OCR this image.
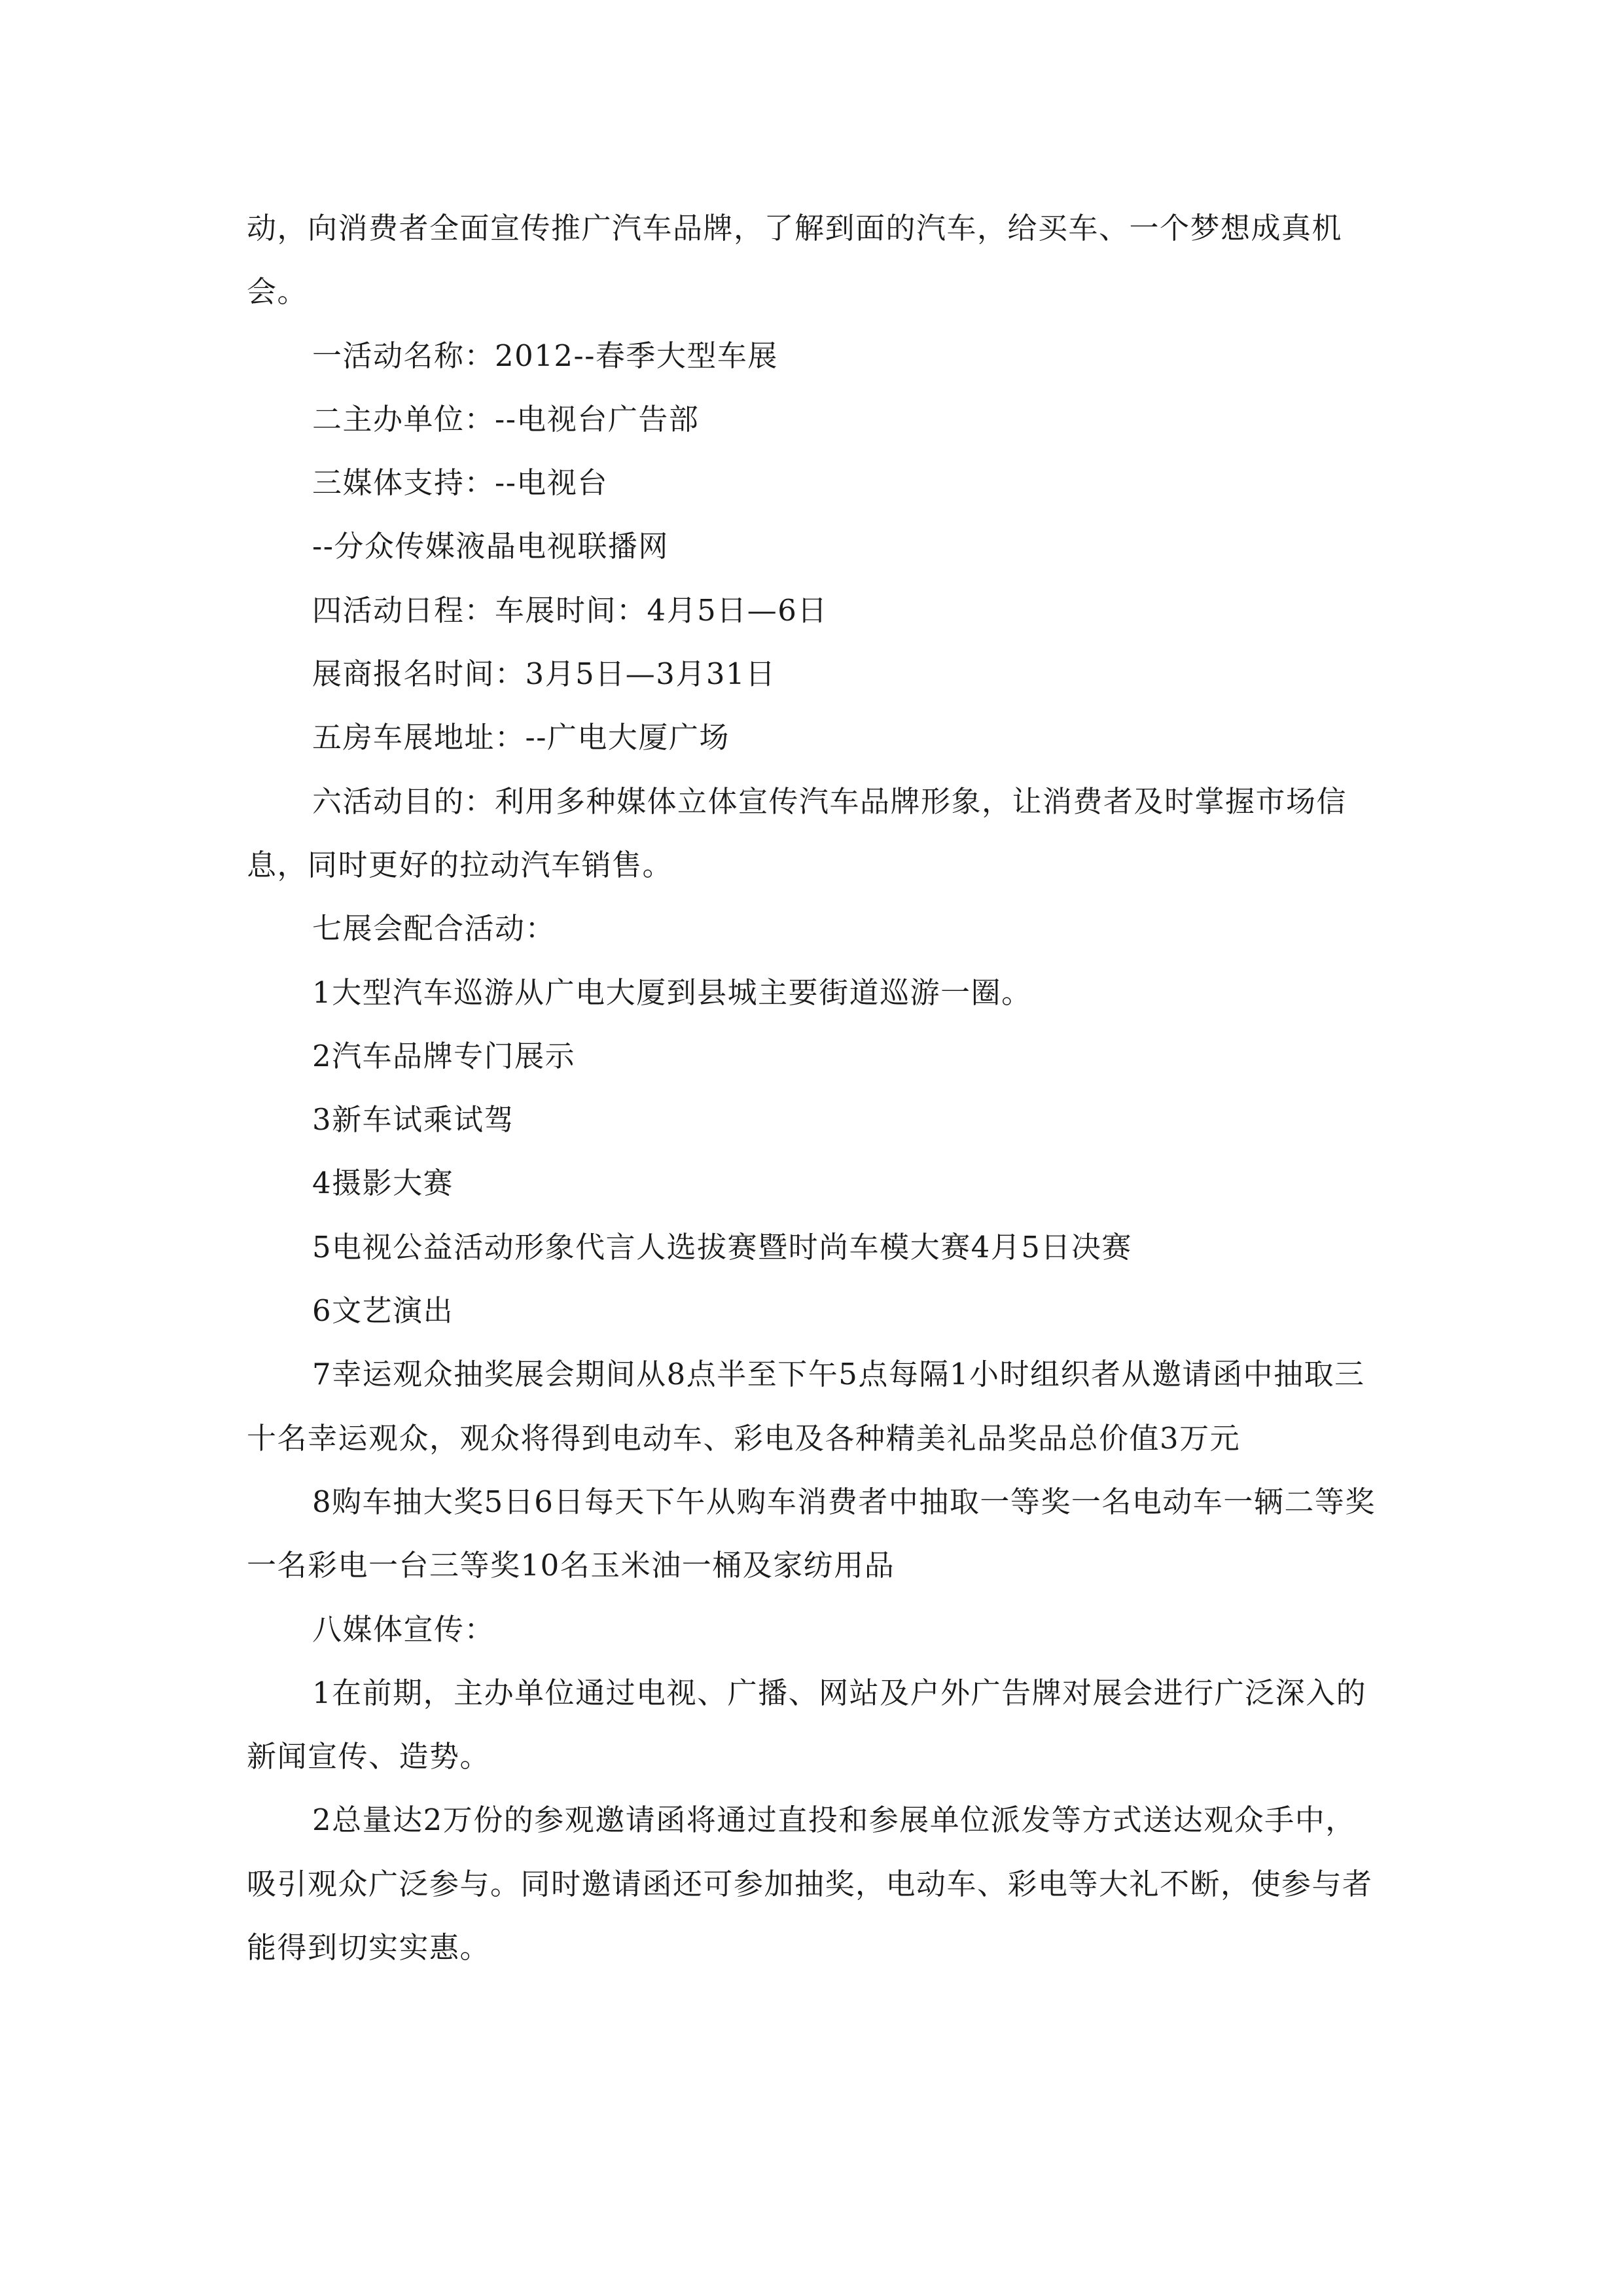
动，向消费者全面宣传推广汽车品牌，了解到面的汽车，给买车、一个梦想成真机会。

一活动名称：2012--春季大型车展

二主办单位：--电视台广告部

三媒体支持：--电视台

--分众传媒液晶电视联播网

四活动日程：车展时间：4月5日—6日

展商报名时间：3月5日—3月31日

五房车展地址：--广电大厦广场

六活动目的：利用多种媒体立体宣传汽车品牌形象，让消费者及时掌握市场信息，同时更好的拉动汽车销售。

七展会配合活动：

1大型汽车巡游从广电大厦到县城主要街道巡游一圈。

2汽车品牌专门展示

3新车试乘试驾

4摄影大赛

5电视公益活动形象代言人选拔赛暨时尚车模大赛4月5日决赛

6文艺演出

7幸运观众抽奖展会期间从8点半至下午5点每隔1小时组织者从邀请函中抽取三十名幸运观众，观众将得到电动车、彩电及各种精美礼品奖品总价值3万元

8购车抽大奖5日6日每天下午从购车消费者中抽取一等奖一名电动车一辆二等奖一名彩电一台三等奖10名玉米油一桶及家纺用品

八媒体宣传：

1在前期，主办单位通过电视、广播、网站及户外广告牌对展会进行广泛深入的新闻宣传、造势。

2总量达2万份的参观邀请函将通过直投和参展单位派发等方式送达观众手中，吸引观众广泛参与。同时邀请函还可参加抽奖，电动车、彩电等大礼不断，使参与者能得到切实实惠。
